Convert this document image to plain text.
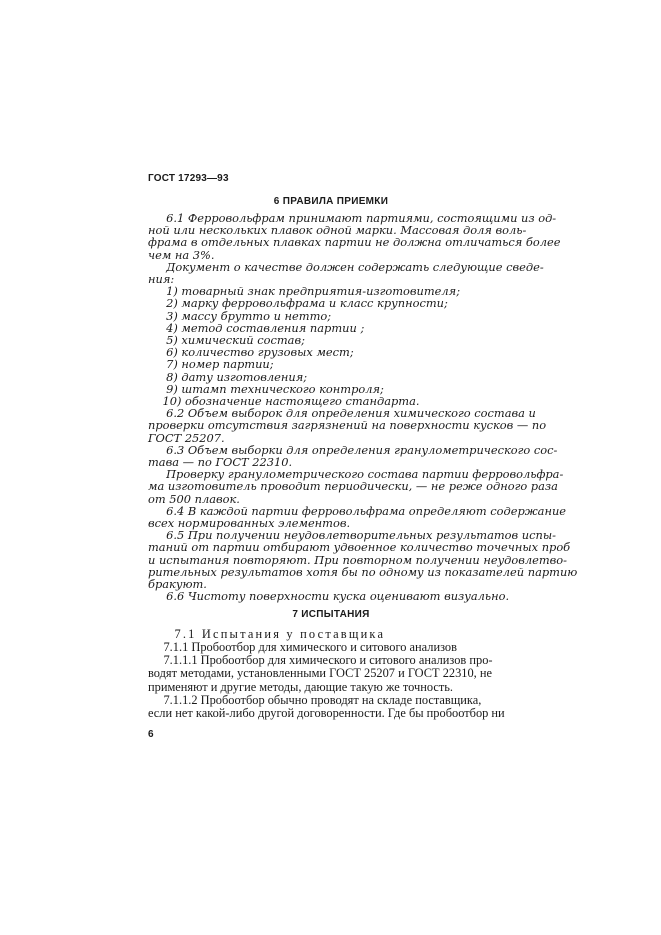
ГОСТ 17293—93
6 ПРАВИЛА ПРИЕМКИ
6.1 Ферровольфрам принимают партиями, состоящими из од-
ной или нескольких плавок одной марки. Массовая доля воль-
фрама в отдельных плавках партии не должна отличаться более
чем на 3%.
Документ о качестве должен содержать следующие сведе-
ния:
1) товарный знак предприятия-изготовителя;
2) марку ферровольфрама и класс крупности;
3) массу брутто и нетто;
4) метод составления партии ;
5) химический состав;
6) количество грузовых мест;
7) номер партии;
8) дату изготовления;
9) штамп технического контроля;
10) обозначение настоящего стандарта.
6.2 Объем выборок для определения химического состава и
проверки отсутствия загрязнений на поверхности кусков — по
ГОСТ 25207.
6.3 Объем выборки для определения гранулометрического сос-
тава — по ГОСТ 22310.
Проверку гранулометрического состава партии ферровольфра-
ма изготовитель проводит периодически, — не реже одного раза
от 500 плавок.
6.4 В каждой партии ферровольфрама определяют содержание
всех нормированных элементов.
6.5 При получении неудовлетворительных результатов испы-
таний от партии отбирают удвоенное количество точечных проб
и испытания повторяют. При повторном получении неудовлетво-
рительных результатов хотя бы по одному из показателей партию
бракуют.
6.6 Чистоту поверхности куска оценивают визуально.
7 ИСПЫТАНИЯ
7.1 Испытания у поставщика
7.1.1 Пробоотбор для химического и ситового анализов
7.1.1.1 Пробоотбор для химического и ситового анализов про-
водят методами, установленными ГОСТ 25207 и ГОСТ 22310, не
применяют и другие методы, дающие такую же точность.
7.1.1.2 Пробоотбор обычно проводят на складе поставщика,
если нет какой-либо другой договоренности. Где бы пробоотбор ни
6
